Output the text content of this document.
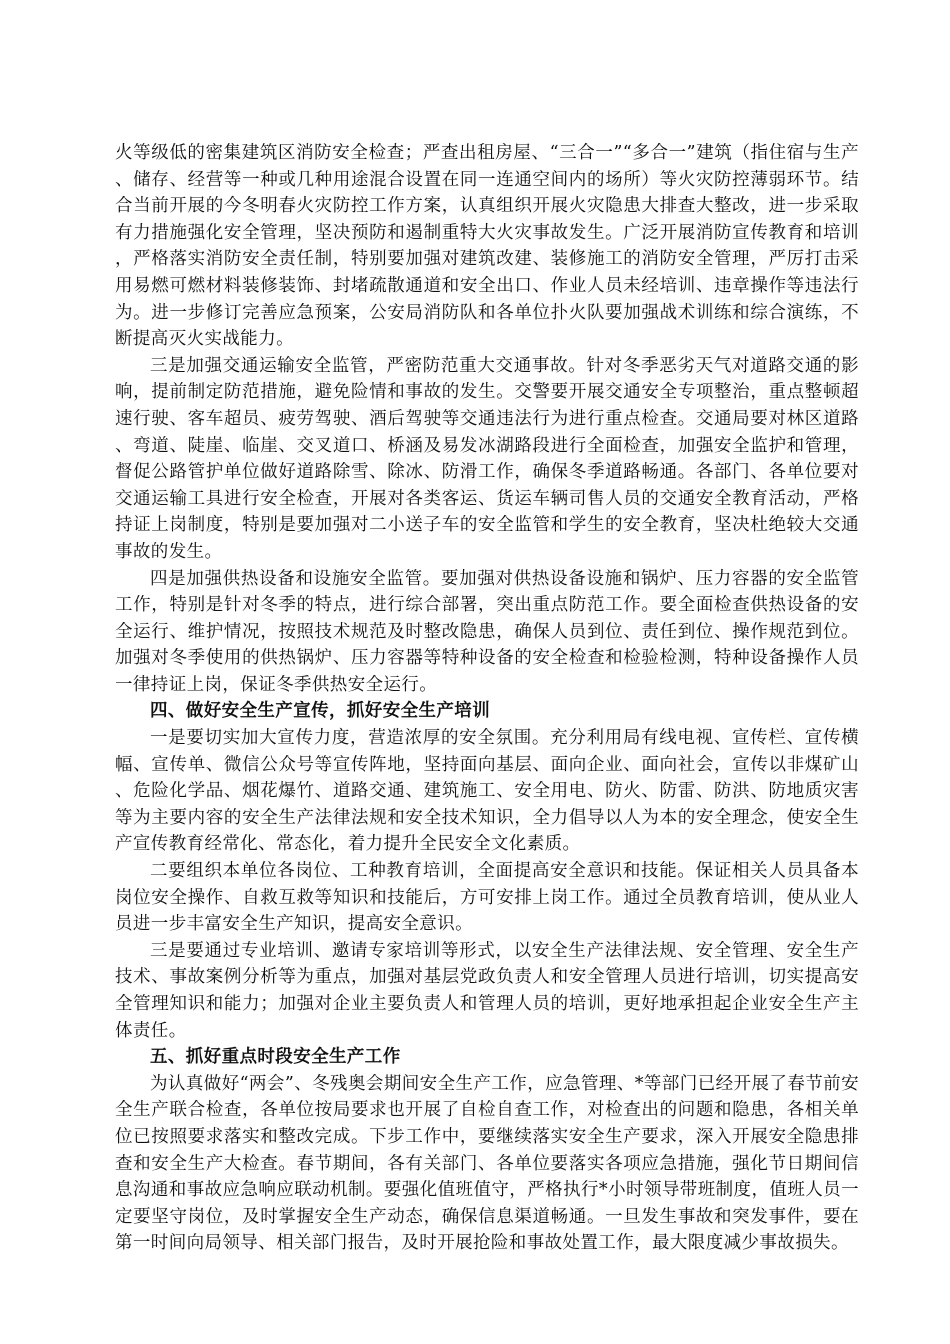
火等级低的密集建筑区消防安全检查；严查出租房屋、“三合一”“多合一”建筑（指住宿与生产、储存、经营等一种或几种用途混合设置在同一连通空间内的场所）等火灾防控薄弱环节。结合当前开展的今冬明春火灾防控工作方案，认真组织开展火灾隐患大排查大整改，进一步采取有力措施强化安全管理，坚决预防和遏制重特大火灾事故发生。广泛开展消防宣传教育和培训，严格落实消防安全责任制，特别要加强对建筑改建、装修施工的消防安全管理，严厉打击采用易燃可燃材料装修装饰、封堵疏散通道和安全出口、作业人员未经培训、违章操作等违法行为。进一步修订完善应急预案，公安局消防队和各单位扑火队要加强战术训练和综合演练，不断提高灭火实战能力。

三是加强交通运输安全监管，严密防范重大交通事故。针对冬季恶劣天气对道路交通的影响，提前制定防范措施，避免险情和事故的发生。交警要开展交通安全专项整治，重点整顿超速行驶、客车超员、疲劳驾驶、酒后驾驶等交通违法行为进行重点检查。交通局要对林区道路、弯道、陡崖、临崖、交叉道口、桥涵及易发冰湖路段进行全面检查，加强安全监护和管理，督促公路管护单位做好道路除雪、除冰、防滑工作，确保冬季道路畅通。各部门、各单位要对交通运输工具进行安全检查，开展对各类客运、货运车辆司售人员的交通安全教育活动，严格持证上岗制度，特别是要加强对二小送子车的安全监管和学生的安全教育，坚决杜绝较大交通事故的发生。

四是加强供热设备和设施安全监管。要加强对供热设备设施和锅炉、压力容器的安全监管工作，特别是针对冬季的特点，进行综合部署，突出重点防范工作。要全面检查供热设备的安全运行、维护情况，按照技术规范及时整改隐患，确保人员到位、责任到位、操作规范到位。加强对冬季使用的供热锅炉、压力容器等特种设备的安全检查和检验检测，特种设备操作人员一律持证上岗，保证冬季供热安全运行。

四、做好安全生产宣传，抓好安全生产培训

一是要切实加大宣传力度，营造浓厚的安全氛围。充分利用局有线电视、宣传栏、宣传横幅、宣传单、微信公众号等宣传阵地，坚持面向基层、面向企业、面向社会，宣传以非煤矿山、危险化学品、烟花爆竹、道路交通、建筑施工、安全用电、防火、防雷、防洪、防地质灾害等为主要内容的安全生产法律法规和安全技术知识，全力倡导以人为本的安全理念，使安全生产宣传教育经常化、常态化，着力提升全民安全文化素质。

二要组织本单位各岗位、工种教育培训，全面提高安全意识和技能。保证相关人员具备本岗位安全操作、自救互救等知识和技能后，方可安排上岗工作。通过全员教育培训，使从业人员进一步丰富安全生产知识，提高安全意识。

三是要通过专业培训、邀请专家培训等形式，以安全生产法律法规、安全管理、安全生产技术、事故案例分析等为重点，加强对基层党政负责人和安全管理人员进行培训，切实提高安全管理知识和能力；加强对企业主要负责人和管理人员的培训，更好地承担起企业安全生产主体责任。

五、抓好重点时段安全生产工作

为认真做好“两会”、冬残奥会期间安全生产工作，应急管理、*等部门已经开展了春节前安全生产联合检查，各单位按局要求也开展了自检自查工作，对检查出的问题和隐患，各相关单位已按照要求落实和整改完成。下步工作中，要继续落实安全生产要求，深入开展安全隐患排查和安全生产大检查。春节期间，各有关部门、各单位要落实各项应急措施，强化节日期间信息沟通和事故应急响应联动机制。要强化值班值守，严格执行*小时领导带班制度，值班人员一定要坚守岗位，及时掌握安全生产动态，确保信息渠道畅通。一旦发生事故和突发事件，要在第一时间向局领导、相关部门报告，及时开展抢险和事故处置工作，最大限度减少事故损失。
